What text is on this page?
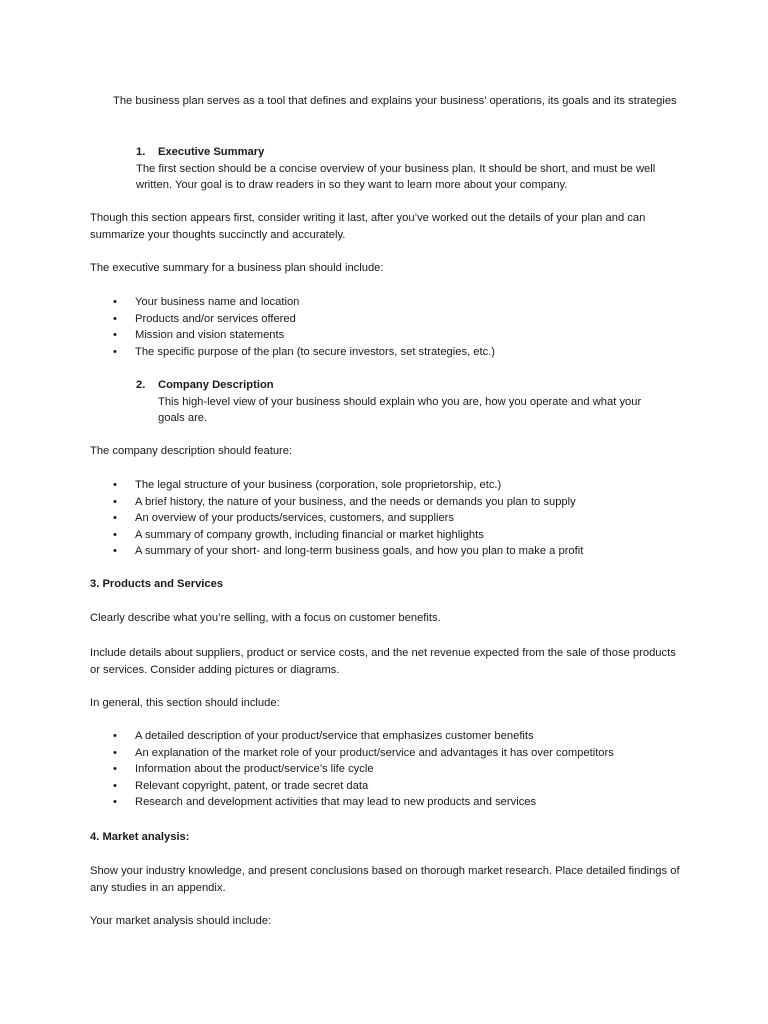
The business plan serves as a tool that defines and explains your business’ operations, its goals and its strategies

1.	Executive Summary
The first section should be a concise overview of your business plan. It should be short, and must be well written. Your goal is to draw readers in so they want to learn more about your company.

Though this section appears first, consider writing it last, after you’ve worked out the details of your plan and can summarize your thoughts succinctly and accurately.

The executive summary for a business plan should include:

•	Your business name and location
•	Products and/or services offered
•	Mission and vision statements
•	The specific purpose of the plan (to secure investors, set strategies, etc.)
2.	Company Description
This high-level view of your business should explain who you are, how you operate and what your goals are.

The company description should feature:

•	The legal structure of your business (corporation, sole proprietorship, etc.)
•	A brief history, the nature of your business, and the needs or demands you plan to supply
•	An overview of your products/services, customers, and suppliers
•	A summary of company growth, including financial or market highlights
•	A summary of your short- and long-term business goals, and how you plan to make a profit

3. Products and Services

Clearly describe what you’re selling, with a focus on customer benefits.

Include details about suppliers, product or service costs, and the net revenue expected from the sale of those products or services. Consider adding pictures or diagrams.

In general, this section should include:

•	A detailed description of your product/service that emphasizes customer benefits
•	An explanation of the market role of your product/service and advantages it has over competitors
•	Information about the product/service’s life cycle
•	Relevant copyright, patent, or trade secret data
•	Research and development activities that may lead to new products and services

4. Market analysis:

Show your industry knowledge, and present conclusions based on thorough market research. Place detailed findings of any studies in an appendix.

Your market analysis should include:
